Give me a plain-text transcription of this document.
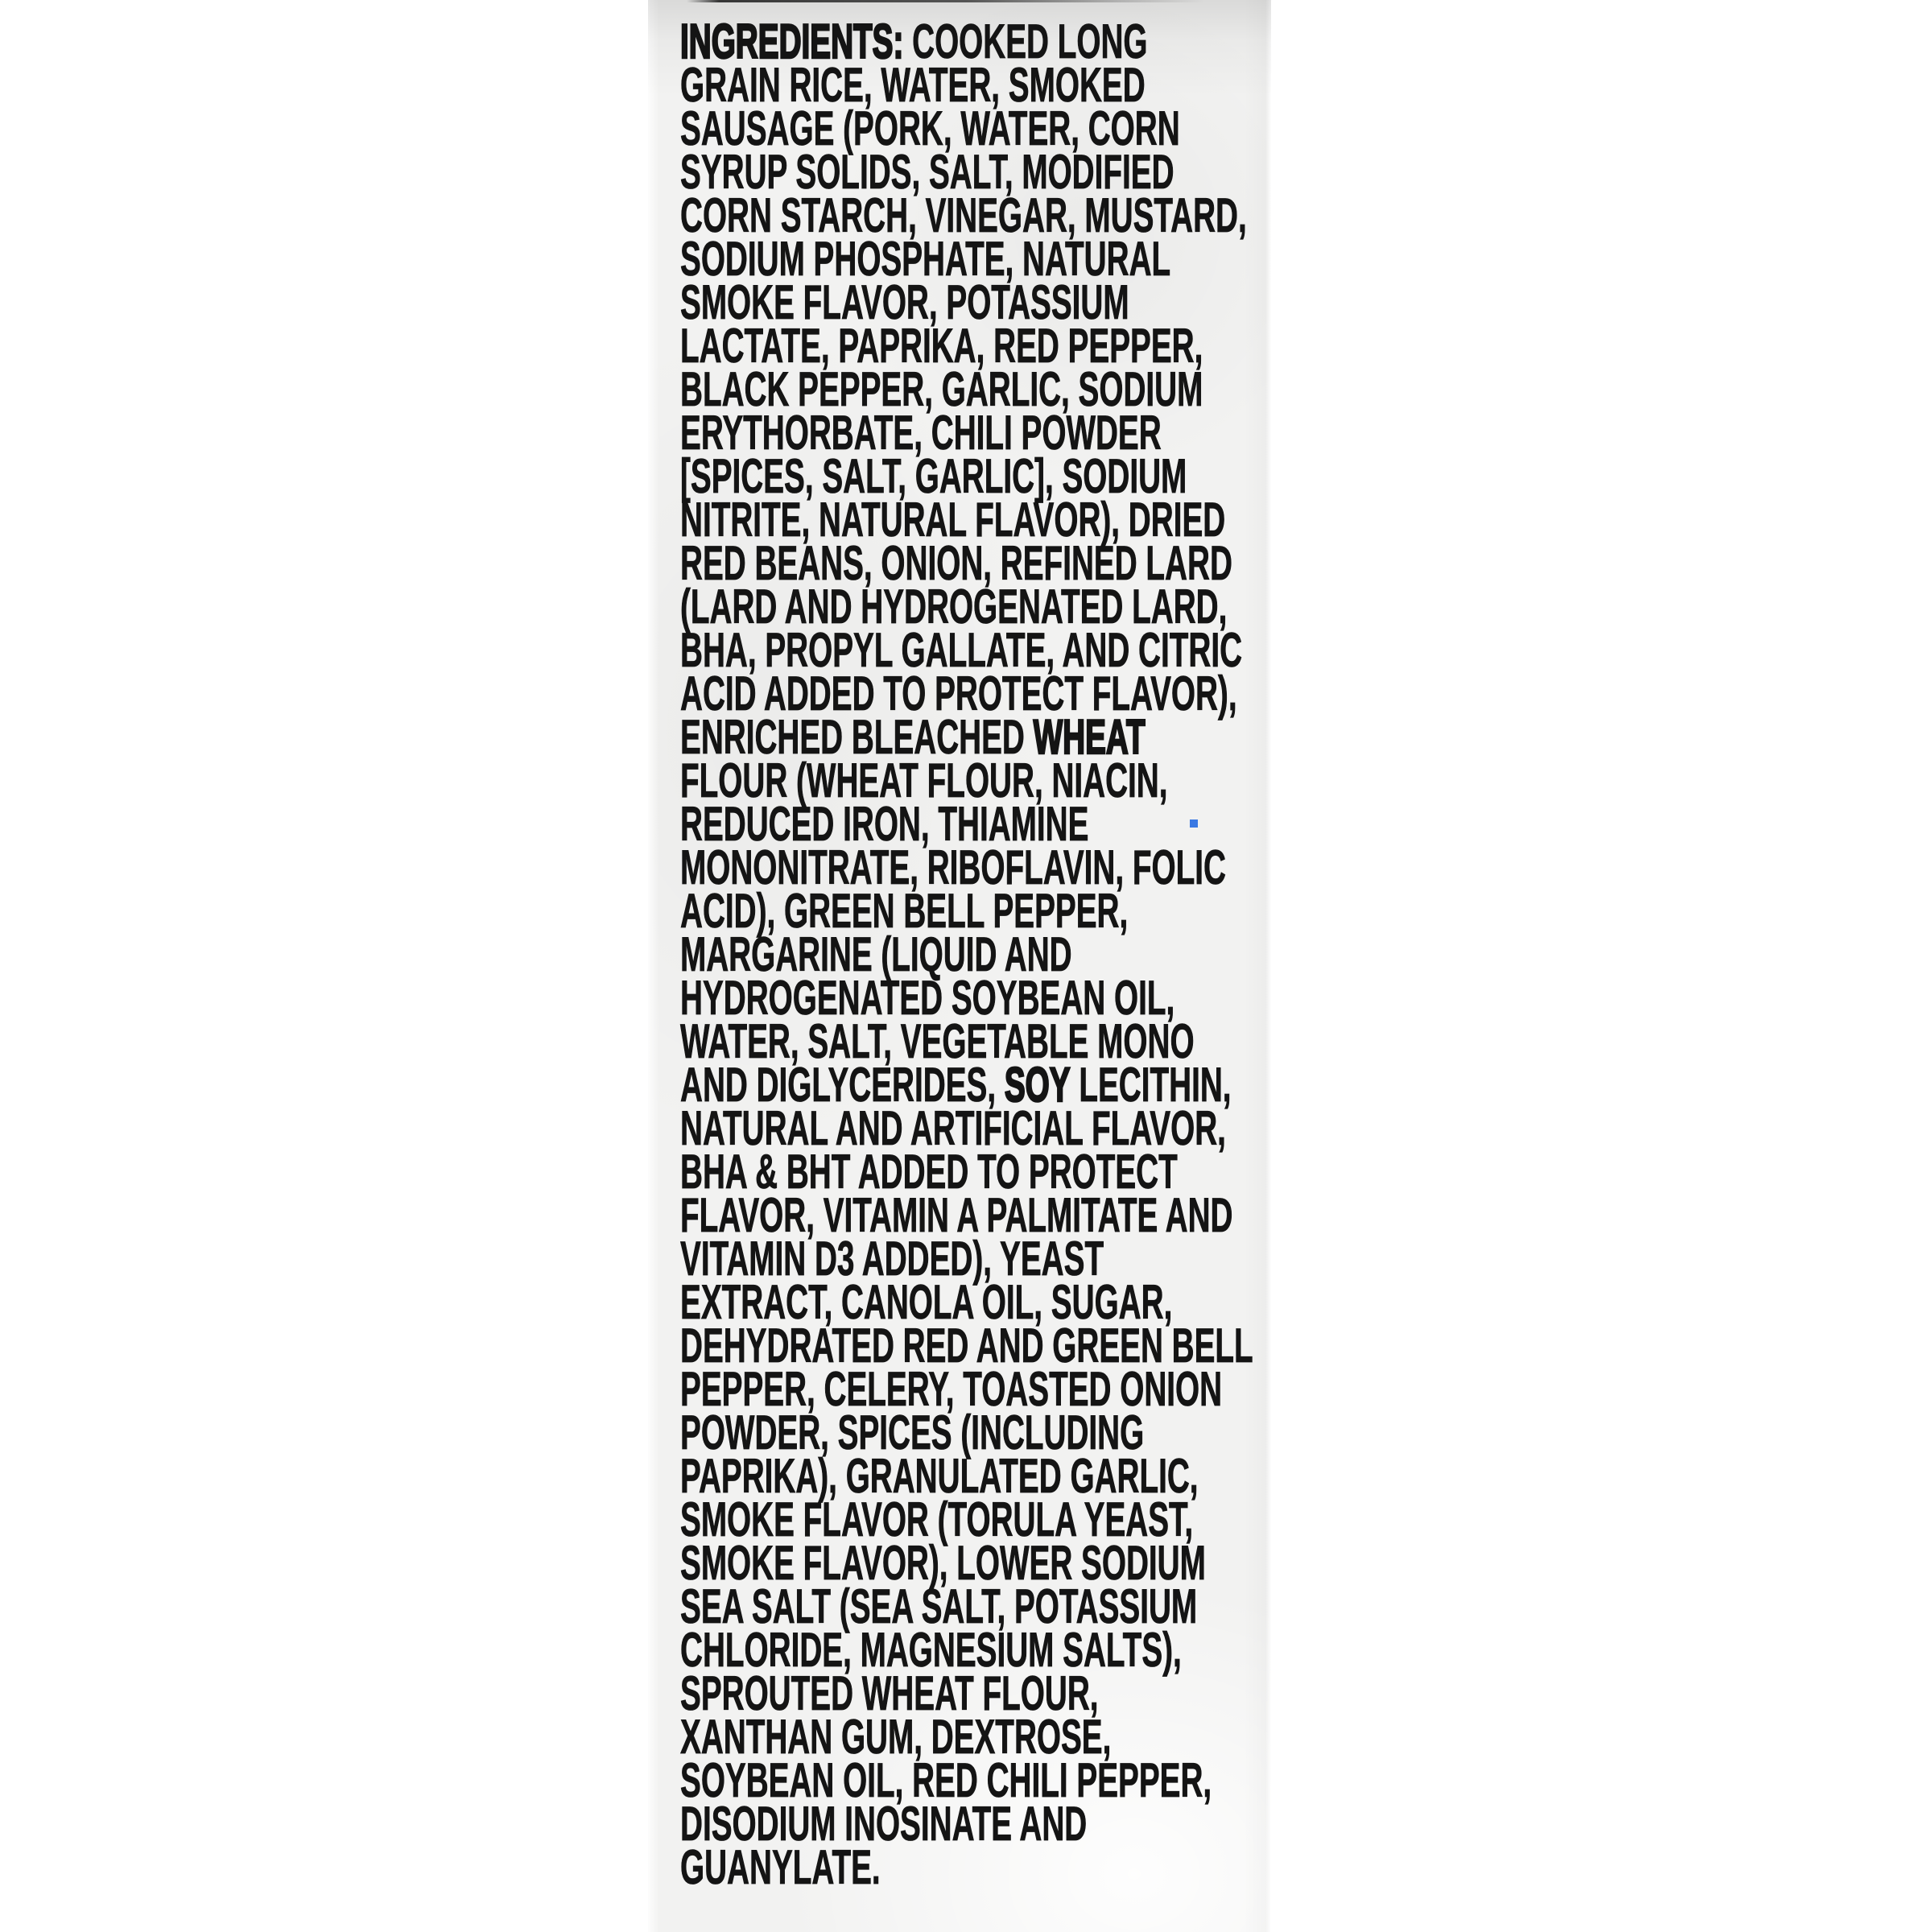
INGREDIENTS: COOKED LONG
GRAIN RICE, WATER, SMOKED
SAUSAGE (PORK, WATER, CORN
SYRUP SOLIDS, SALT, MODIFIED
CORN STARCH, VINEGAR, MUSTARD,
SODIUM PHOSPHATE, NATURAL
SMOKE FLAVOR, POTASSIUM
LACTATE, PAPRIKA, RED PEPPER,
BLACK PEPPER, GARLIC, SODIUM
ERYTHORBATE, CHILI POWDER
[SPICES, SALT, GARLIC], SODIUM
NITRITE, NATURAL FLAVOR), DRIED
RED BEANS, ONION, REFINED LARD
(LARD AND HYDROGENATED LARD,
BHA, PROPYL GALLATE, AND CITRIC
ACID ADDED TO PROTECT FLAVOR),
ENRICHED BLEACHED WHEAT
FLOUR (WHEAT FLOUR, NIACIN,
REDUCED IRON, THIAMINE
MONONITRATE, RIBOFLAVIN, FOLIC
ACID), GREEN BELL PEPPER,
MARGARINE (LIQUID AND
HYDROGENATED SOYBEAN OIL,
WATER, SALT, VEGETABLE MONO
AND DIGLYCERIDES, SOY LECITHIN,
NATURAL AND ARTIFICIAL FLAVOR,
BHA & BHT ADDED TO PROTECT
FLAVOR, VITAMIN A PALMITATE AND
VITAMIN D3 ADDED), YEAST
EXTRACT, CANOLA OIL, SUGAR,
DEHYDRATED RED AND GREEN BELL
PEPPER, CELERY, TOASTED ONION
POWDER, SPICES (INCLUDING
PAPRIKA), GRANULATED GARLIC,
SMOKE FLAVOR (TORULA YEAST,
SMOKE FLAVOR), LOWER SODIUM
SEA SALT (SEA SALT, POTASSIUM
CHLORIDE, MAGNESIUM SALTS),
SPROUTED WHEAT FLOUR,
XANTHAN GUM, DEXTROSE,
SOYBEAN OIL, RED CHILI PEPPER,
DISODIUM INOSINATE AND
GUANYLATE.
